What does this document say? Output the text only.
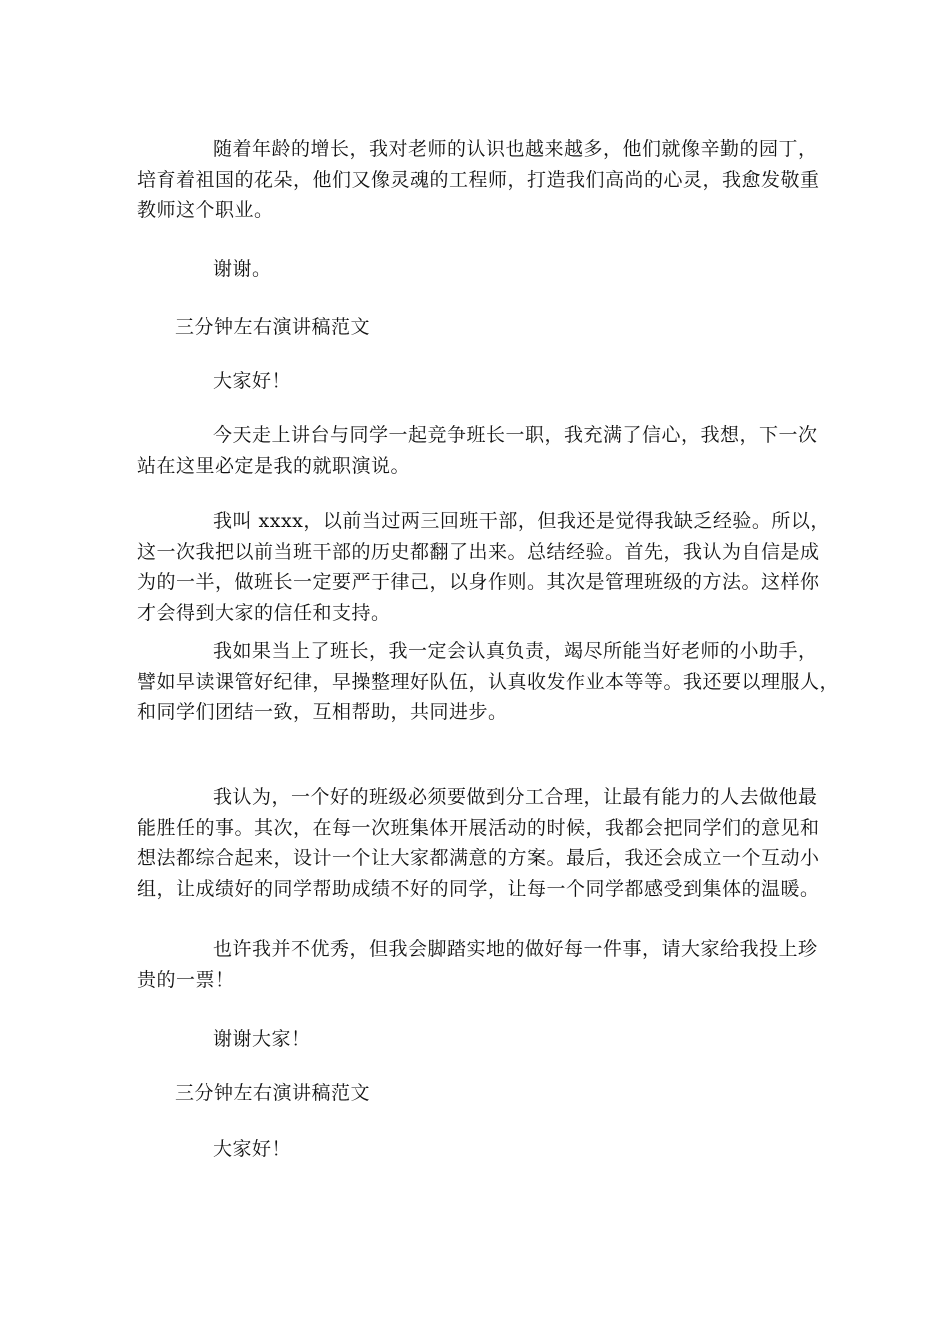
随着年龄的增长，我对老师的认识也越来越多，他们就像辛勤的园丁，
培育着祖国的花朵，他们又像灵魂的工程师，打造我们高尚的心灵，我愈发敬重
教师这个职业。
谢谢。
三分钟左右演讲稿范文
大家好！
今天走上讲台与同学一起竞争班长一职，我充满了信心，我想，下一次
站在这里必定是我的就职演说。
我叫 xxxx，以前当过两三回班干部，但我还是觉得我缺乏经验。所以，
这一次我把以前当班干部的历史都翻了出来。总结经验。首先，我认为自信是成
为的一半，做班长一定要严于律己，以身作则。其次是管理班级的方法。这样你
才会得到大家的信任和支持。
我如果当上了班长，我一定会认真负责，竭尽所能当好老师的小助手，
譬如早读课管好纪律，早操整理好队伍，认真收发作业本等等。我还要以理服人，
和同学们团结一致，互相帮助，共同进步。
我认为，一个好的班级必须要做到分工合理，让最有能力的人去做他最
能胜任的事。其次，在每一次班集体开展活动的时候，我都会把同学们的意见和
想法都综合起来，设计一个让大家都满意的方案。最后，我还会成立一个互动小
组，让成绩好的同学帮助成绩不好的同学，让每一个同学都感受到集体的温暖。
也许我并不优秀，但我会脚踏实地的做好每一件事，请大家给我投上珍
贵的一票！
谢谢大家！
三分钟左右演讲稿范文
大家好！
